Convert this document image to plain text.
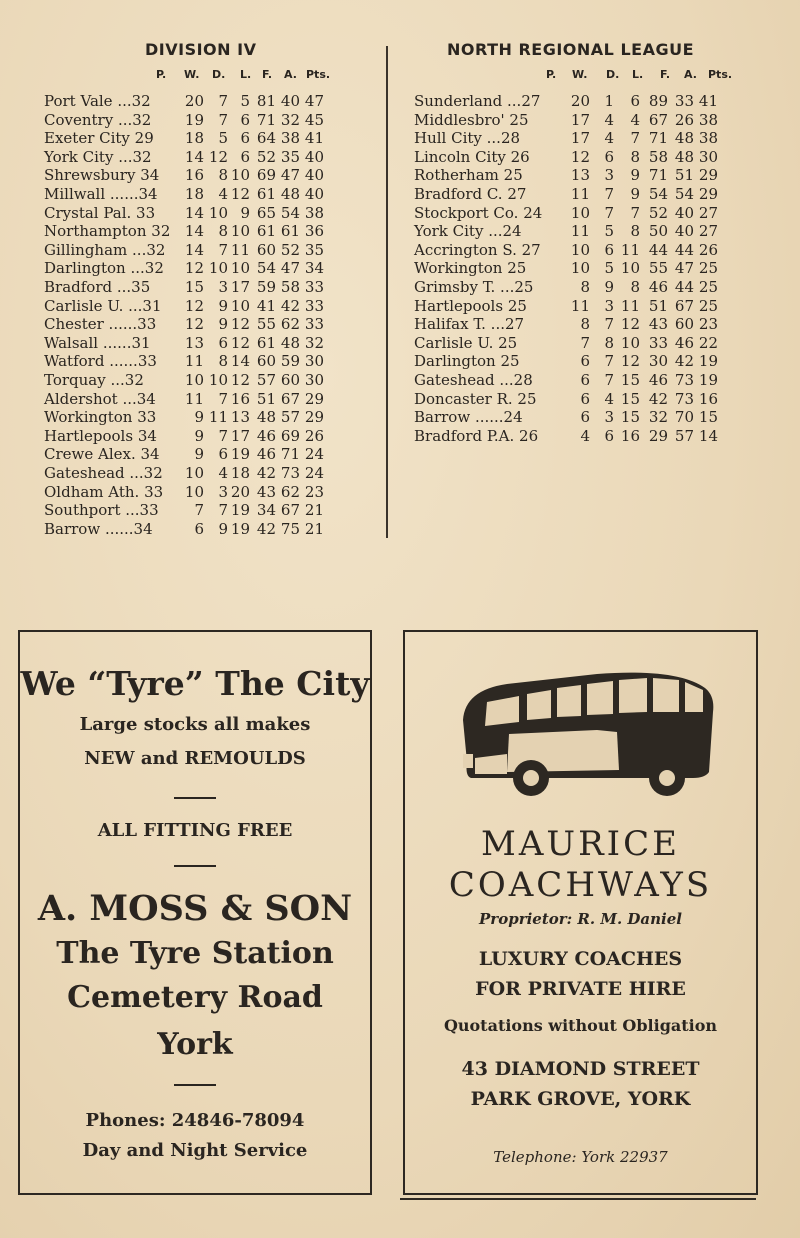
DIVISION IV
P. W. D. L. F. A. Pts.
Port Vale ...32	20 7 5 81 40 47
Coventry ...32	19 7 6 71 32 45
Exeter City 29	18 5 6 64 38 41
York City ...32	14 12 6 52 35 40
Shrewsbury 34	16 8 10 69 47 40
Millwall ......34	18 4 12 61 48 40
Crystal Pal. 33	14 10 9 65 54 38
Northampton 32 14 8 10 61 61 36
Gillingham ...32	14 7 11 60 52 35
Darlington ...32	12 10 10 54 47 34
Bradford ...35	15 3 17 59 58 33
Carlisle U. ...31	12 9 10 41 42 33
Chester ......33	12 9 12 55 62 33
Walsall ......31	13 6 12 61 48 32
Watford ......33	11 8 14 60 59 30
Torquay ...32	10 10 12 57 60 30
Aldershot ...34	11 7 16 51 67 29
Workington 33	9 11 13 48 57 29
Hartlepools 34	9 7 17 46 69 26
Crewe Alex. 34	9 6 19 46 71 24
Gateshead ...32	10 4 18 42 73 24
Oldham Ath. 33	10 3 20 43 62 23
Southport ...33	7 7 19 34 67 21
Barrow ......34	6 9 19 42 75 21
NORTH REGIONAL LEAGUE
P. W. D. L. F. A. Pts.
Sunderland ...27	20 1	6 89 33 41
Middlesbro' 25	17 4	4 67 26 38
Hull City ...28	17 4	7 71 48 38
Lincoln City 26	12 6	8 58 48 30
Rotherham 25	13 3	9 71 51 29
Bradford C. 27	11 7	9 54 54 29
Stockport Co. 24	10 7	7 52 40 27
York City ...24	11 5	8 50 40 27
Accrington S. 27	10 6 11 44 44 26
Workington 25	10 5 10 55 47 25
Grimsby T. ...25	8 9	8 46 44 25
Hartlepools 25	11 3 11 51 67 25
Halifax T. ...27	8 7 12 43 60 23
Carlisle U. 25	7 8 10 33 46 22
Darlington 25	6 7 12 30 42 19
Gateshead ...28	6 7 15 46 73 19
Doncaster R. 25	6 4 15 42 73 16
Barrow ......24	6 3 15 32 70 15
Bradford P.A. 26	4 6 16 29 57 14
We “Tyre” The City
Large stocks all makes
NEW and REMOULDS
ALL FITTING FREE
A. MOSS & SON
The Tyre Station
Cemetery Road
York
Phones: 24846-78094
Day and Night Service
MAURICE
COACHWAYS
Proprietor: R. M. Daniel
LUXURY COACHES
FOR PRIVATE HIRE
Quotations without Obligation
43 DIAMOND STREET
PARK GROVE, YORK
Telephone: York 22937
